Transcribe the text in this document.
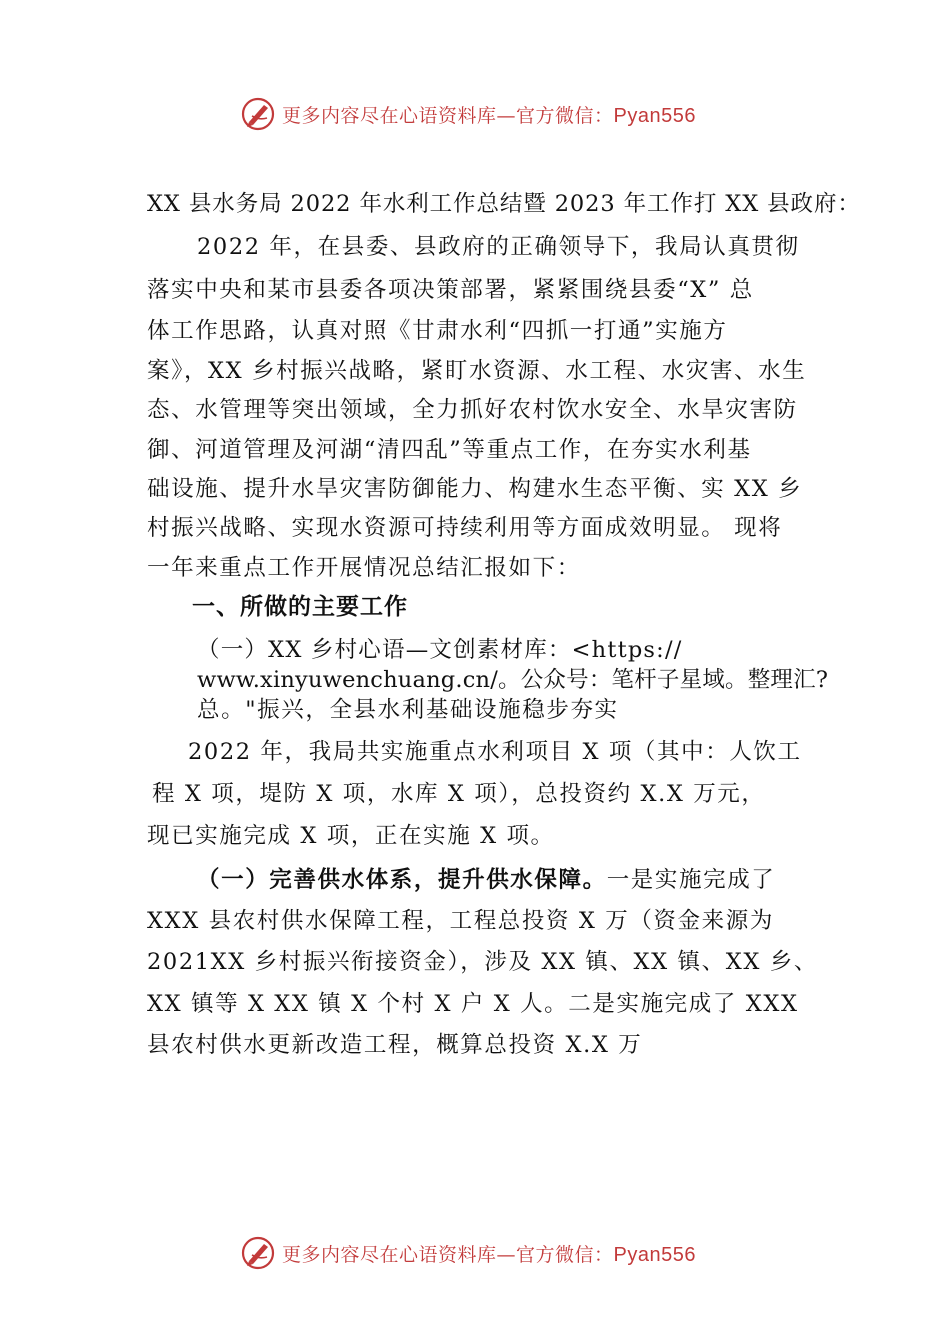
更多内容尽在心语资料库—官方微信：Pyan556
XX 县水务局 2022 年水利工作总结暨 2023 年工作打 XX 县政府：
2022 年，在县委、县政府的正确领导下，我局认真贯彻
落实中央和某市县委各项决策部署，紧紧围绕县委“X” 总
体工作思路，认真对照《甘肃水利“四抓一打通”实施方
案》，XX 乡村振兴战略，紧盯水资源、水工程、水灾害、水生
态、水管理等突出领域，全力抓好农村饮水安全、水旱灾害防
御、河道管理及河湖“清四乱”等重点工作，在夯实水利基
础设施、提升水旱灾害防御能力、构建水生态平衡、实 XX 乡
村振兴战略、实现水资源可持续利用等方面成效明显。 现将
一年来重点工作开展情况总结汇报如下：
一、所做的主要工作
（一）XX 乡村心语—文创素材库：<https://
www.xinyuwenchuang.cn/。公众号：笔杆子星域。整理汇?
总。"振兴，全县水利基础设施稳步夯实
2022 年，我局共实施重点水利项目 X 项（其中：人饮工
程 X 项，堤防 X 项，水库 X 项），总投资约 X.X 万元，
现已实施完成 X 项，正在实施 X 项。
（一）完善供水体系，提升供水保障。一是实施完成了
XXX 县农村供水保障工程，工程总投资 X 万（资金来源为
2021XX 乡村振兴衔接资金），涉及 XX 镇、XX 镇、XX 乡、
XX 镇等 X XX 镇 X 个村 X 户 X 人。二是实施完成了 XXX
县农村供水更新改造工程，概算总投资 X.X 万
更多内容尽在心语资料库—官方微信：Pyan556
